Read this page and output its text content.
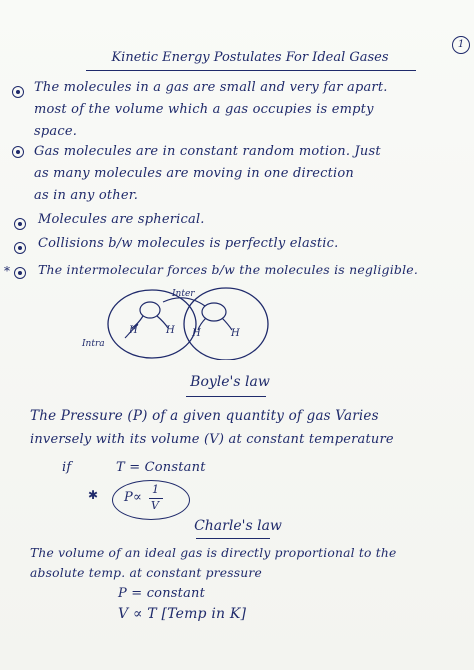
Kinetic Energy Postulates For Ideal Gases
1
The molecules in a gas are small and very far apart.
most of the volume which a gas occupies is empty
space.
Gas molecules are in constant random motion. Just
as many molecules are moving in one direction
as in any other.
Molecules are spherical.
Collisions b/w molecules is perfectly elastic.
* The intermolecular forces b/w the molecules is negligible.
H	H H	H
Inter
Intra
Boyle's law
The Pressure (P) of a given quantity of gas Varies
inversely with its volume (V) at constant temperature
if	T = Constant
✱ P∝
1
V
Charle's law
The volume of an ideal gas is directly proportional to the
absolute temp. at constant pressure
P = constant
V ∝ T [Temp in K]
